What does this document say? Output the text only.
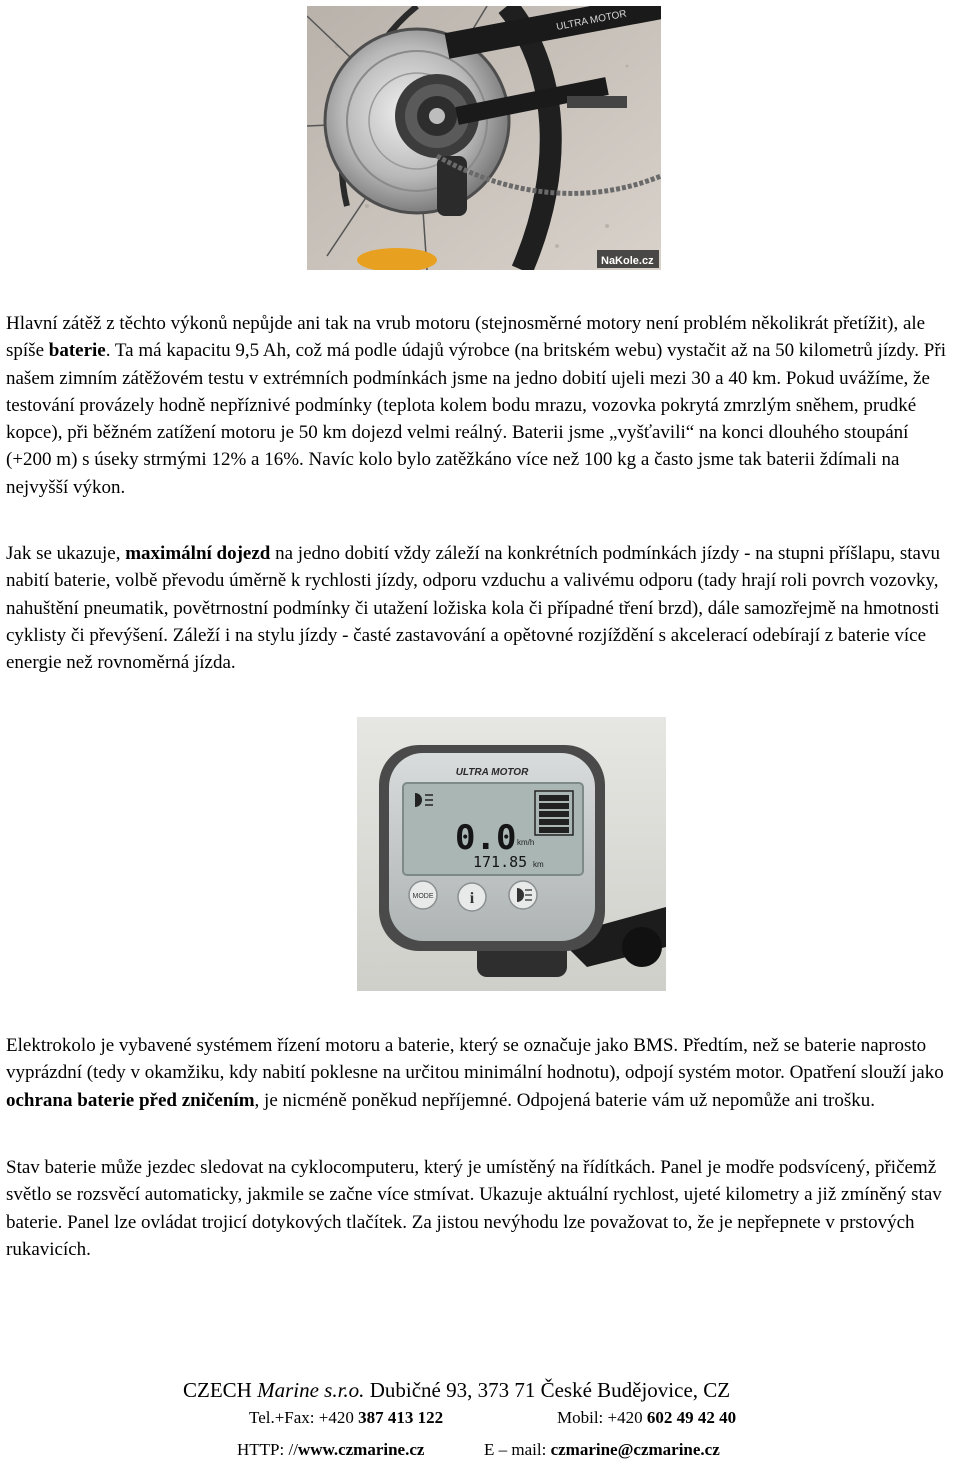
ULTRA MOTOR
NaKole.cz

Hlavní zátěž z těchto výkonů nepůjde ani tak na vrub motoru (stejnosměrné motory není problém několikrát přetížit), ale spíše baterie. Ta má kapacitu 9,5 Ah, což má podle údajů výrobce (na britském webu) vystačit až na 50 kilometrů jízdy. Při našem zimním zátěžovém testu v extrémních podmínkách jsme na jedno dobití ujeli mezi 30 a 40 km. Pokud uvážíme, že testování provázely hodně nepříznivé podmínky (teplota kolem bodu mrazu, vozovka pokrytá zmrzlým sněhem, prudké kopce), při běžném zatížení motoru je 50 km dojezd velmi reálný. Baterii jsme „vyšťavili“ na konci dlouhého stoupání (+200 m) s úseky strmými 12% a 16%. Navíc kolo bylo zatěžkáno více než 100 kg a často jsme tak baterii ždímali na nejvyšší výkon.

Jak se ukazuje, maximální dojezd na jedno dobití vždy záleží na konkrétních podmínkách jízdy - na stupni příšlapu, stavu nabití baterie, volbě převodu úměrně k rychlosti jízdy, odporu vzduchu a valivému odporu (tady hrají roli povrch vozovky, nahuštění pneumatik, povětrnostní podmínky či utažení ložiska kola či případné tření brzd), dále samozřejmě na hmotnosti cyklisty či převýšení. Záleží i na stylu jízdy - časté zastavování a opětovné rozjíždění s akcelerací odebírají z baterie více energie než rovnoměrná jízda.

ULTRA MOTOR
0.0 km/h
171.85 km
MODE i

Elektrokolo je vybavené systémem řízení motoru a baterie, který se označuje jako BMS. Předtím, než se baterie naprosto vyprázdní (tedy v okamžiku, kdy nabití poklesne na určitou minimální hodnotu), odpojí systém motor. Opatření slouží jako ochrana baterie před zničením, je nicméně poněkud nepříjemné. Odpojená baterie vám už nepomůže ani trošku.

Stav baterie může jezdec sledovat na cyklocomputeru, který je umístěný na řídítkách. Panel je modře podsvícený, přičemž světlo se rozsvěcí automaticky, jakmile se začne více stmívat. Ukazuje aktuální rychlost, ujeté kilometry a již zmíněný stav baterie. Panel lze ovládat trojicí dotykových tlačítek. Za jistou nevýhodu lze považovat to, že je nepřepnete v prstových rukavicích.

CZECH Marine s.r.o. Dubičné 93, 373 71 České Budějovice, CZ
Tel.+Fax: +420 387 413 122	Mobil: +420 602 49 42 40
HTTP: //www.czmarine.cz	E – mail: czmarine@czmarine.cz
